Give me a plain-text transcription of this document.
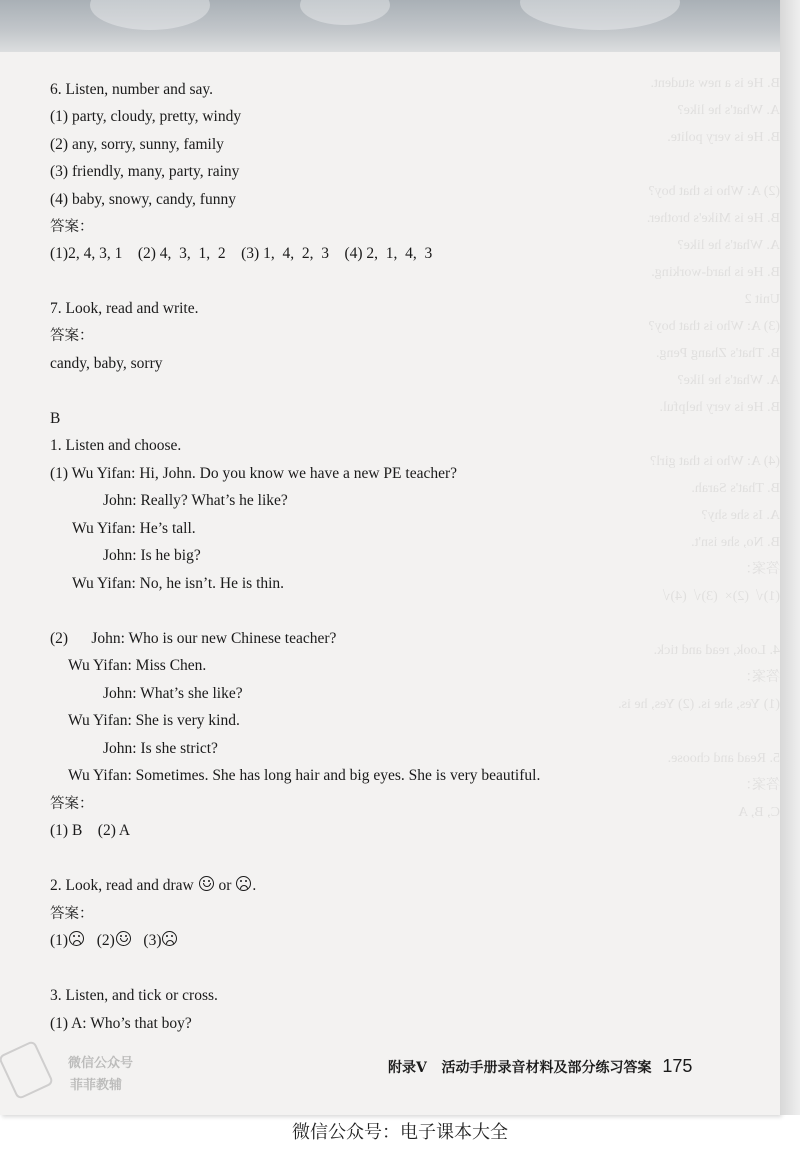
B. He is a new student.
A. What's he like?
B. He is very polite.

(2) A: Who is that boy?
B. He is Mike's brother.
A. What's he like?
B. He is hard-working.
Unit 2
(3) A: Who is that boy?
B. That's Zhang Peng.
A. What's he like?
B. He is very helpful.

(4) A: Who is that girl?
B. That's Sarah.
A. Is she shy?
B. No, she isn't.
答案：
(1)√  (2)×  (3)√  (4)√

4. Look, read and tick.
答案：
(1) Yes, she is. (2) Yes, he is.

5. Read and choose.
答案：
C, B, A
6. Listen, number and say.
(1) party, cloudy, pretty, windy
(2) any, sorry, sunny, family
(3) friendly, many, party, rainy
(4) baby, snowy, candy, funny
答案：
(1)2, 4, 3, 1    (2) 4,  3,  1,  2    (3) 1,  4,  2,  3    (4) 2,  1,  4,  3
7. Look, read and write.
答案：
candy, baby, sorry
B
1. Listen and choose.
(1) Wu Yifan: Hi, John. Do you know we have a new PE teacher?
John: Really? What’s he like?
Wu Yifan: He’s tall.
John: Is he big?
Wu Yifan: No, he isn’t. He is thin.
(2)      John: Who is our new Chinese teacher?
Wu Yifan: Miss Chen.
John: What’s she like?
Wu Yifan: She is very kind.
John: Is she strict?
Wu Yifan: Sometimes. She has long hair and big eyes. She is very beautiful.
答案：
(1) B    (2) A
2. Look, read and draw or .
答案：
(1) (2) (3)
3. Listen, and tick or cross.
(1) A: Who’s that boy?
微信公众号
菲菲教辅
附录V 活动手册录音材料及部分练习答案 175
微信公众号：电子课本大全
